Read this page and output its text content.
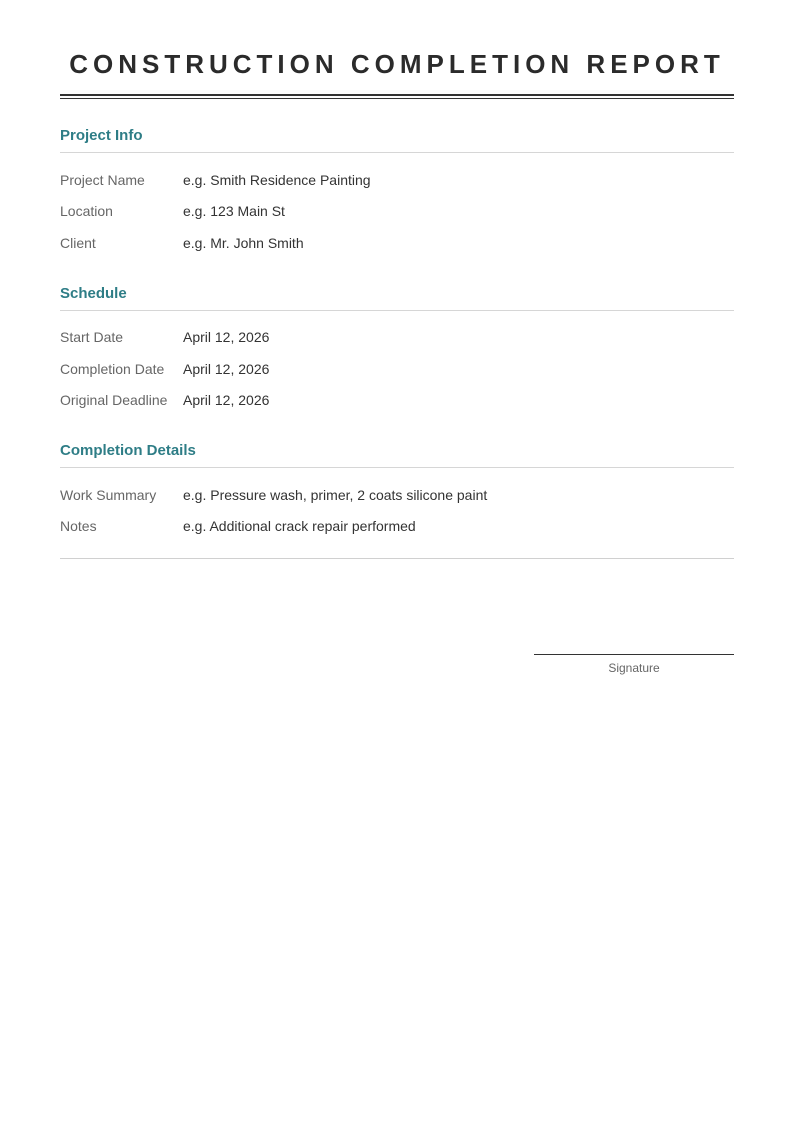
CONSTRUCTION COMPLETION REPORT
Project Info
Project Name	e.g. Smith Residence Painting
Location	e.g. 123 Main St
Client	e.g. Mr. John Smith
Schedule
Start Date	April 12, 2026
Completion Date	April 12, 2026
Original Deadline	April 12, 2026
Completion Details
Work Summary	e.g. Pressure wash, primer, 2 coats silicone paint
Notes	e.g. Additional crack repair performed
Signature
